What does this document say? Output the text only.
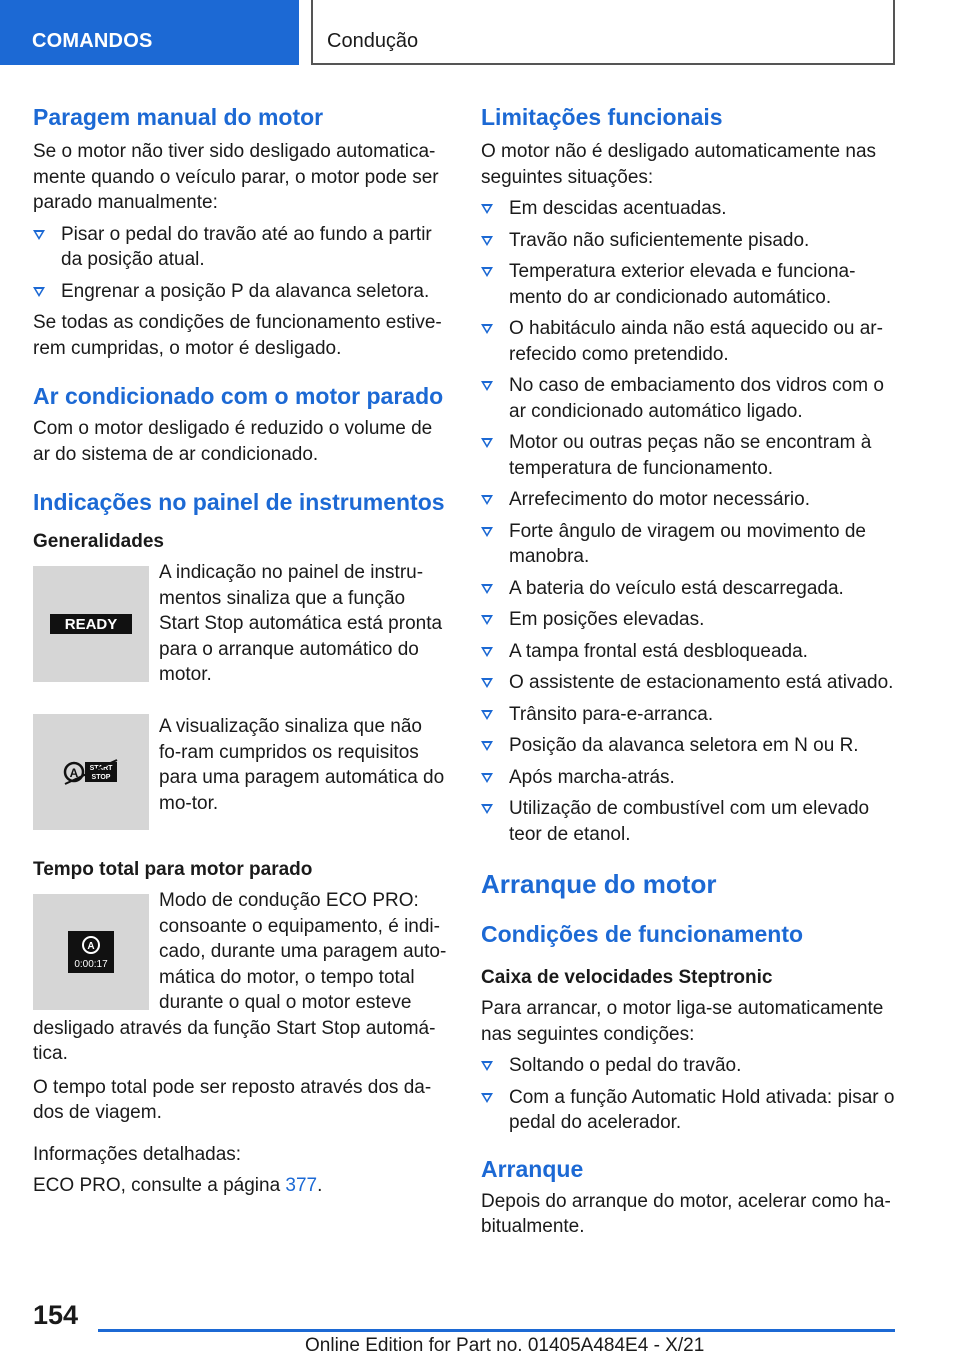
COMANDOS	Condução
Paragem manual do motor

Se o motor não tiver sido desligado automatica-mente quando o veículo parar, o motor pode ser parado manualmente:

Pisar o pedal do travão até ao fundo a partir da posição atual.
Engrenar a posição P da alavanca seletora.

Se todas as condições de funcionamento estive-rem cumpridas, o motor é desligado.

Ar condicionado com o motor parado

Com o motor desligado é reduzido o volume de ar do sistema de ar condicionado.

Indicações no painel de instrumentos
Generalidades
READY

A indicação no painel de instru-mentos sinaliza que a função Start Stop automática está pronta para o arranque automático do motor.

A START
STOP

A visualização sinaliza que não fo-ram cumpridos os requisitos para uma paragem automática do mo-tor.

Tempo total para motor parado
A
0:00:17

Modo de condução ECO PRO: consoante o equipamento, é indi-cado, durante uma paragem auto-mática do motor, o tempo total durante o qual o motor esteve desligado através da função Start Stop automá-tica.

O tempo total pode ser reposto através dos da-dos de viagem.

Informações detalhadas:

ECO PRO, consulte a página 377.

Limitações funcionais

O motor não é desligado automaticamente nas seguintes situações:

Em descidas acentuadas.
Travão não suficientemente pisado.
Temperatura exterior elevada e funciona-mento do ar condicionado automático.
O habitáculo ainda não está aquecido ou ar-refecido como pretendido.
No caso de embaciamento dos vidros com o ar condicionado automático ligado.
Motor ou outras peças não se encontram à temperatura de funcionamento.
Arrefecimento do motor necessário.
Forte ângulo de viragem ou movimento de manobra.
A bateria do veículo está descarregada.
Em posições elevadas.
A tampa frontal está desbloqueada.
O assistente de estacionamento está ativado.
Trânsito para-e-arranca.
Posição da alavanca seletora em N ou R.
Após marcha-atrás.
Utilização de combustível com um elevado teor de etanol.
Arranque do motor
Condições de funcionamento
Caixa de velocidades Steptronic

Para arrancar, o motor liga-se automaticamente nas seguintes condições:

Soltando o pedal do travão.
Com a função Automatic Hold ativada: pisar o pedal do acelerador.
Arranque

Depois do arranque do motor, acelerar como ha-bitualmente.

154
Online Edition for Part no. 01405A484E4 - X/21
